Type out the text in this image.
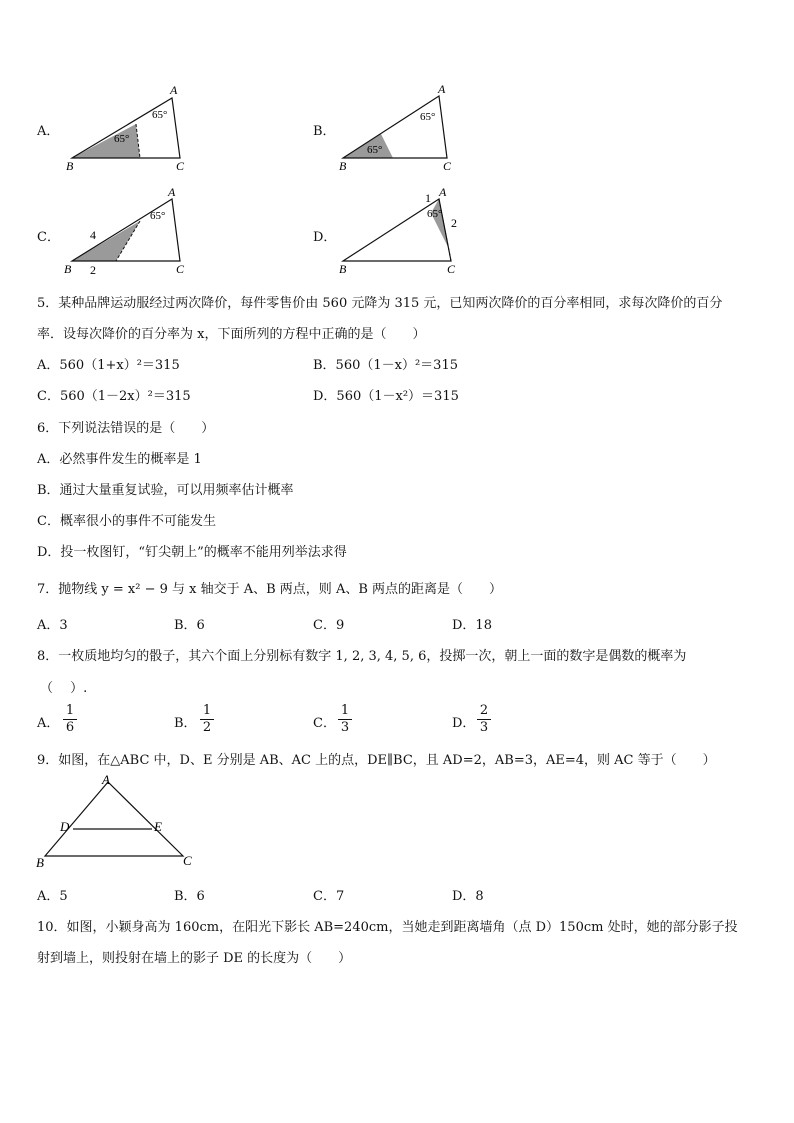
A．
A
B	C
65°
65°	B．
A
B	C
65°
65°
C．
A
B	C
65°
4
2
D．
A
B	C
1
2
65°
5．某种品牌运动服经过两次降价，每件零售价由 560 元降为 315 元，已知两次降价的百分率相同，求每次降价的百分
率．设每次降价的百分率为 x，下面所列的方程中正确的是（　　）
A．560（1+x）²＝315	B．560（1－x）²＝315
C．560（1－2x）²＝315	D．560（1－x²）＝315
6．下列说法错误的是（　　）
A．必然事件发生的概率是 1
B．通过大量重复试验，可以用频率估计概率
C．概率很小的事件不可能发生
D．投一枚图钉，“钉尖朝上”的概率不能用列举法求得
7．抛物线 y = x² − 9 与 x 轴交于 A、B 两点，则 A、B 两点的距离是（　　）
A．3	B．6	C．9	D．18
8．一枚质地均匀的骰子，其六个面上分别标有数字 1, 2, 3, 4, 5, 6，投掷一次，朝上一面的数字是偶数的概率为
（　 ）.
A． $\frac{1}{6}$	B． $\frac{1}{2}$	C． $\frac{1}{3}$	D． $\frac{2}{3}$
9．如图，在△ABC 中，D、E 分别是 AB、AC 上的点，DE∥BC，且 AD=2，AB=3，AE=4，则 AC 等于（　　）
A
B	C
D	E
A．5	B．6	C．7	D．8
10．如图，小颖身高为 160cm，在阳光下影长 AB=240cm，当她走到距离墙角（点 D）150cm 处时，她的部分影子投
射到墙上，则投射在墙上的影子 DE 的长度为（　　）
